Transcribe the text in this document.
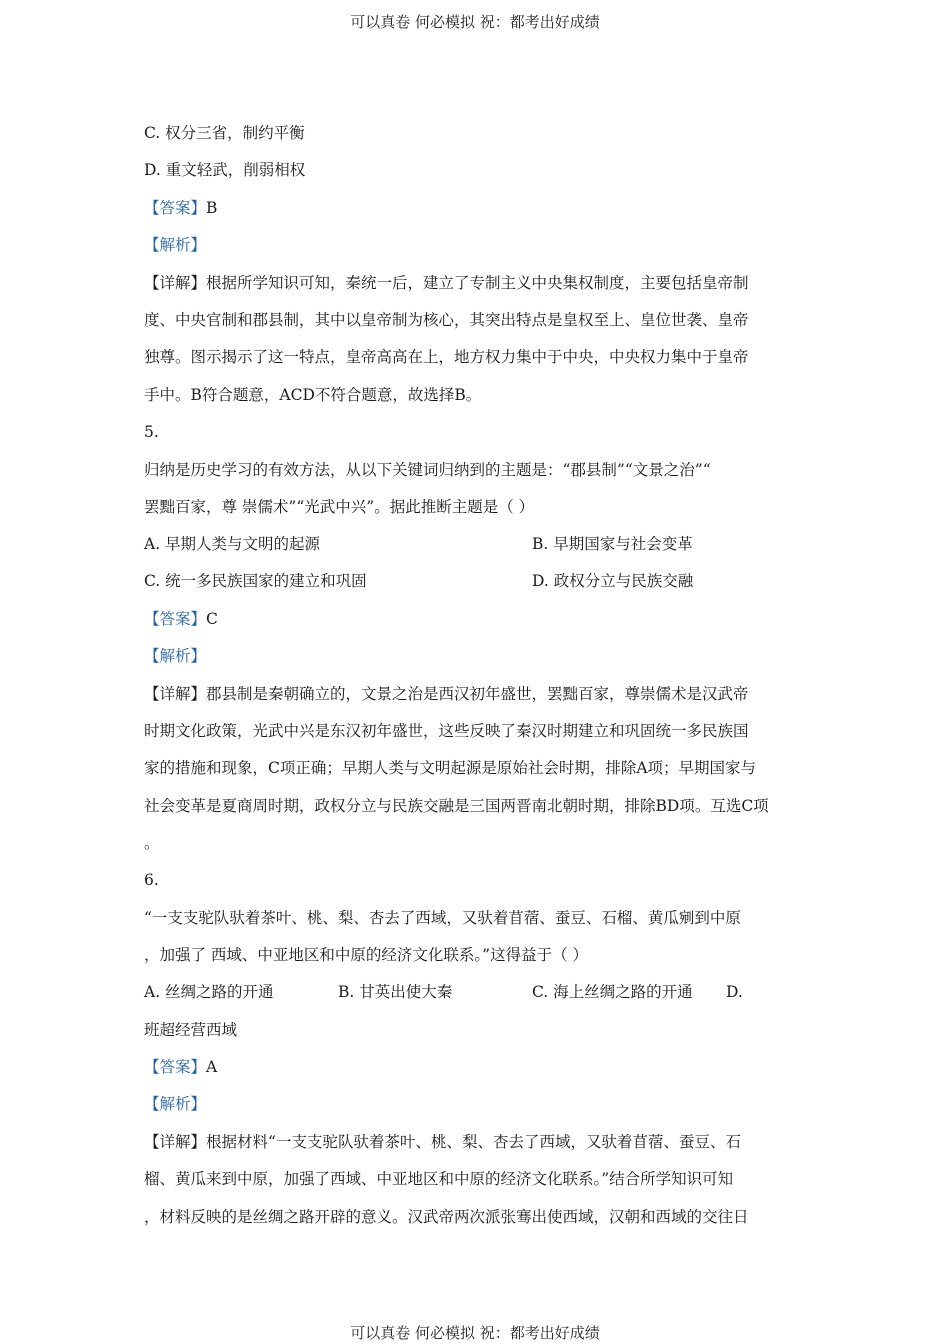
可以真卷 何必模拟 祝：都考出好成绩
C. 权分三省，制约平衡
D. 重文轻武，削弱相权
【答案】B
【解析】
【详解】根据所学知识可知，秦统一后，建立了专制主义中央集权制度，主要包括皇帝制
度、中央官制和郡县制，其中以皇帝制为核心，其突出特点是皇权至上、皇位世袭、皇帝
独尊。图示揭示了这一特点，皇帝高高在上，地方权力集中于中央，中央权力集中于皇帝
手中。B符合题意，ACD不符合题意，故选择B。
5.
归纳是历史学习的有效方法，从以下关键词归纳到的主题是：“郡县制”“文景之治”“
罢黜百家，尊 崇儒术”“光武中兴”。据此推断主题是（ ）
A. 早期人类与文明的起源	B. 早期国家与社会变革
C. 统一多民族国家的建立和巩固	D. 政权分立与民族交融
【答案】C
【解析】
【详解】郡县制是秦朝确立的，文景之治是西汉初年盛世，罢黜百家，尊崇儒术是汉武帝
时期文化政策，光武中兴是东汉初年盛世，这些反映了秦汉时期建立和巩固统一多民族国
家的措施和现象，C项正确；早期人类与文明起源是原始社会时期，排除A项；早期国家与
社会变革是夏商周时期，政权分立与民族交融是三国两晋南北朝时期，排除BD项。互选C项
。
6.
“一支支驼队驮着茶叶、桃、梨、杏去了西域，又驮着苜蓿、蚕豆、石榴、黄瓜剜到中原
，加强了 西域、中亚地区和中原的经济文化联系。”这得益于（ ）
A. 丝绸之路的开通	B. 甘英出使大秦	C. 海上丝绸之路的开通 D.
班超经营西域
【答案】A
【解析】
【详解】根据材料“一支支驼队驮着茶叶、桃、梨、杏去了西域，又驮着苜蓿、蚕豆、石
榴、黄瓜来到中原，加强了西域、中亚地区和中原的经济文化联系。”结合所学知识可知
，材料反映的是丝绸之路开辟的意义。汉武帝两次派张骞出使西域，汉朝和西域的交往日
可以真卷 何必模拟 祝：都考出好成绩
